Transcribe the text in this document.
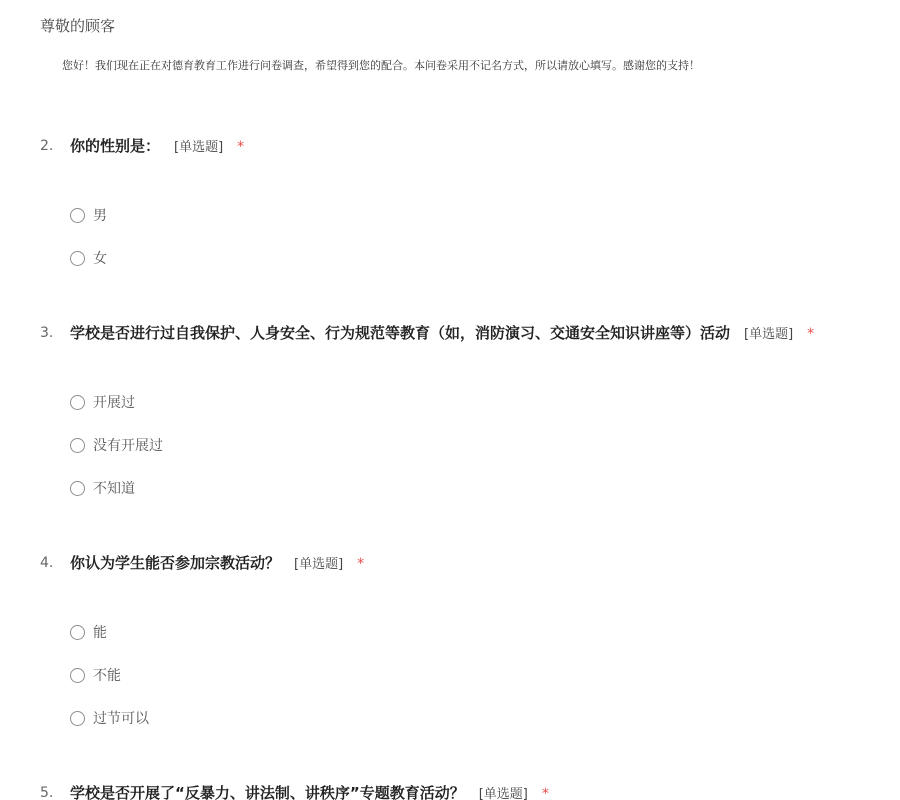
尊敬的顾客
您好！我们现在正在对德育教育工作进行问卷调查，希望得到您的配合。本问卷采用不记名方式，所以请放心填写。感谢您的支持！
2. 你的性别是： [单选题] *
男
女
3. 学校是否进行过自我保护、人身安全、行为规范等教育（如，消防演习、交通安全知识讲座等）活动 [单选题] *
开展过
没有开展过
不知道
4. 你认为学生能否参加宗教活动？ [单选题] *
能
不能
过节可以
5. 学校是否开展了“反暴力、讲法制、讲秩序”专题教育活动？ [单选题] *
